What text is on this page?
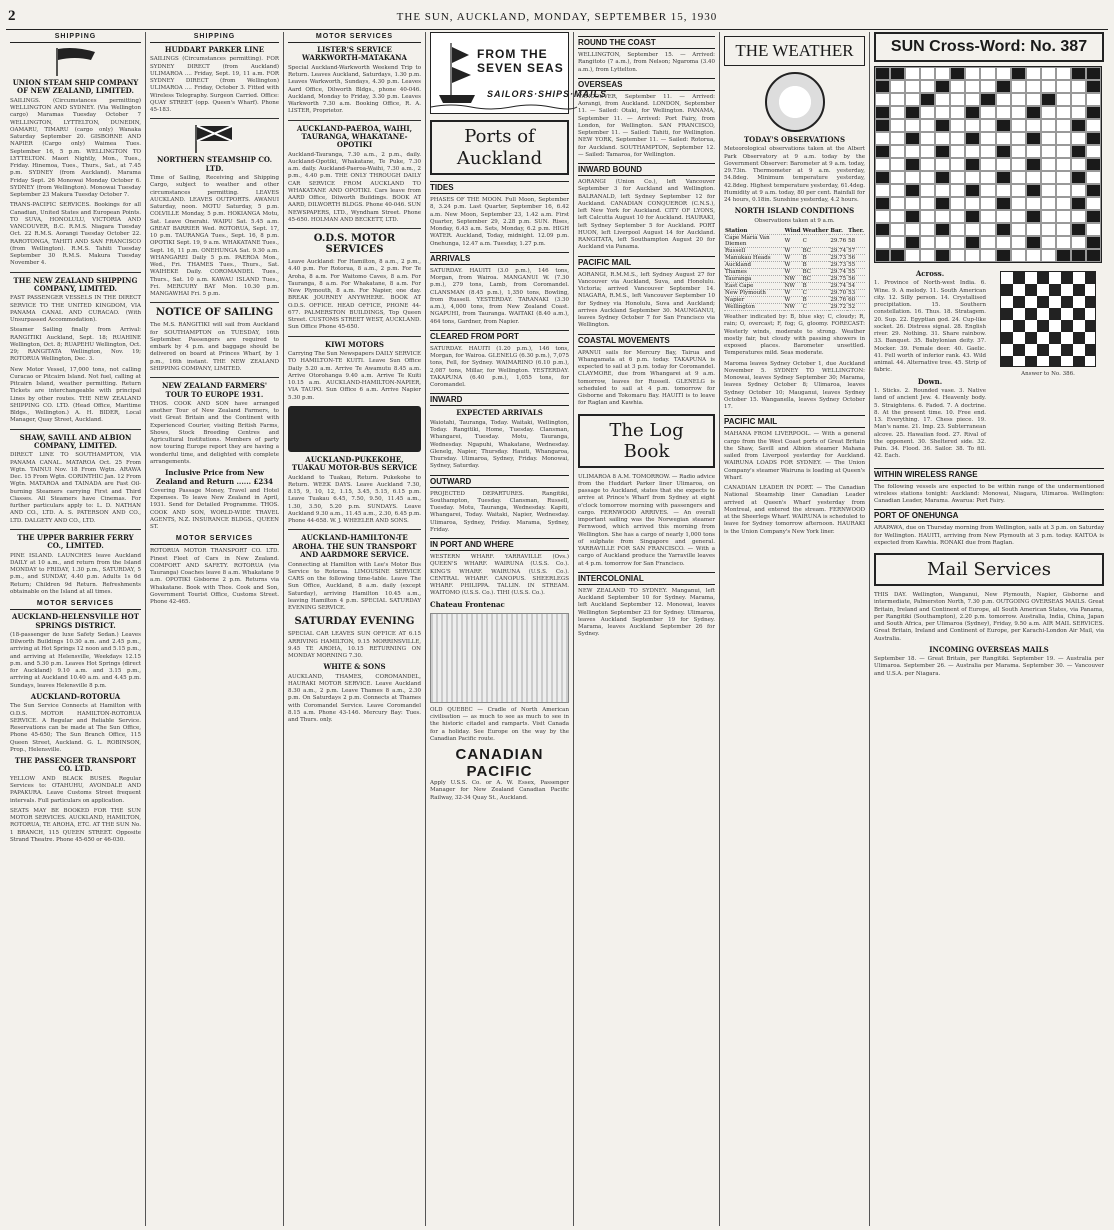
2	THE SUN, AUCKLAND, MONDAY, SEPTEMBER 15, 1930
SHIPPING
UNION STEAM SHIP COMPANY OF NEW ZEALAND, LIMITED.
SAILINGS. (Circumstances permitting) WELLINGTON AND SYDNEY. (Via Wellington cargo) Maramas Tuesday October 7 WELLINGTON, LYTTELTON, DUNEDIN, OAMARU, TIMARU (cargo only) Wanaka Saturday September 20. GISBORNE AND NAPIER (Cargo only) Waimea Tues. September 16, 5 p.m. WELLINGTON TO LYTTELTON. Maori Nightly, Mon., Tues., Friday. Hinemoa, Tues., Thurs., Sat., at 7.45 p.m. SYDNEY (from Auckland). Marama Friday Sept. 26 Monowai Monday October 6. SYDNEY (from Wellington). Monowai Tuesday September 23 Makura Tuesday October 7.
TRANS-PACIFIC SERVICES. Bookings for all Canadian, United States and European Points. TO SUVA, HONOLULU, VICTORIA AND VANCOUVER, B.C. R.M.S. Niagara Tuesday Oct. 22 R.M.S. Aorangi Tuesday October 22. RAROTONGA, TAHITI AND SAN FRANCISCO (from Wellington). R.M.S. Tahiti Tuesday September 30 R.M.S. Makura Tuesday November 4.
THE NEW ZEALAND SHIPPING COMPANY, LIMITED.
FAST PASSENGER VESSELS IN THE DIRECT SERVICE TO THE UNITED KINGDOM, VIA PANAMA CANAL AND CURACAO. (With Unsurpassed Accommodation).
Steamer Sailing finally from Arrival: RANGITIKI Auckland, Sept. 18; RUAHINE Wellington, Oct. 8; RUAPEHU Wellington, Oct. 29; RANGITATA Wellington, Nov. 19; ROTORUA Wellington, Dec. 3.
New Motor Vessel, 17,000 tons, not calling Curacao or Pitcairn Island. Not fuel, calling at Pitcairn Island, weather permitting. Return Tickets are interchangeable with principal Lines by other routes. THE NEW ZEALAND SHIPPING CO. LTD. (Head Office, Maritime Bldgs., Wellington.) A. H. BIDER, Local Manager, Quay Street, Auckland.
SHAW, SAVILL AND ALBION COMPANY, LIMITED.
DIRECT LINE TO SOUTHAMPTON, VIA PANAMA CANAL. MATAROA Oct. 25 From Wgtn. TAINUI Nov. 18 From Wgtn. ARAWA Dec. 15 From Wgtn. CORINTHIC Jan. 12 From Wgtn. MATAROA and TAINADA are Fast Oil-burning Steamers carrying First and Third Classes. All Steamers have Cinemas. For further particulars apply to: L. D. NATHAN AND CO., LTD. A. S. PATERSON AND CO., LTD. DALGETY AND CO., LTD.
THE UPPER BARRIER FERRY CO., LIMITED.
PINE ISLAND. LAUNCHES leave Auckland DAILY at 10 a.m., and return from the Island MONDAY to FRIDAY, 1.30 p.m., SATURDAY, 5 p.m., and SUNDAY, 4.40 p.m. Adults 1s 6d Return; Children 9d Return. Refreshments obtainable on the Island at all times.
MOTOR SERVICES
AUCKLAND-HELENSVILLE HOT SPRINGS DISTRICT.
(18-passenger de luxe Safety Sedan.) Leaves Dilworth Buildings 10.30 a.m. and 2.45 p.m., arriving at Hot Springs 12 noon and 5.15 p.m., and arriving at Helensville, Weekdays 12.15 p.m. and 5.30 p.m. Leaves Hot Springs (direct for Auckland) 9.10 a.m. and 3.15 p.m., arriving at Auckland 10.40 a.m. and 4.45 p.m. Sundays, leaves Helensville 8 p.m.
AUCKLAND-ROTORUA
The Sun Service Connects at Hamilton with O.D.S. MOTOR HAMILTON-ROTORUA SERVICE. A Regular and Reliable Service. Reservations can be made at The Sun Office, Phone 45-650; The Sun Branch Office, 115 Queen Street, Auckland. G. L. ROBINSON, Prop., Helensville.
THE PASSENGER TRANSPORT CO. LTD.
YELLOW AND BLACK BUSES. Regular Services to: OTAHUHU, AVONDALE AND PAPAKURA. Leave Customs Street frequent intervals. Full particulars on application.
SEATS MAY BE BOOKED FOR THE SUN MOTOR SERVICES. AUCKLAND, HAMILTON, ROTORUA, TE AROHA, ETC. AT THE SUN No. 1 BRANCH, 115 QUEEN STREET. Opposite Strand Theatre. Phone 45-650 or 46-030.
SHIPPING
HUDDART PARKER LINE
SAILINGS (Circumstances permitting). FOR SYDNEY DIRECT (from Auckland) ULIMAROA .... Friday, Sept. 19, 11 a.m. FOR SYDNEY DIRECT (from Wellington) ULIMAROA .... Friday, October 3. Fitted with Wireless Telegraphy. Surgeon Carried. Office: QUAY STREET (opp. Queen's Wharf). Phone 45-183.
NORTHERN STEAMSHIP CO. LTD.
Time of Sailing, Receiving and Shipping Cargo, subject to weather and other circumstances permitting. LEAVES AUCKLAND. LEAVES OUTPORTS. AWANUI Saturday, noon. MOTU Saturday, 5 p.m. COLVILLE Monday, 5 p.m. HOKIANGA Motu, Sat. Leave Onerahi. WAIPU Sat. 5.45 a.m. GREAT BARRIER Wed. ROTORUA, Sept. 17, 10 p.m. TAURANGA Tues., Sept. 16, 8 p.m. OPOTIKI Sept. 19, 9 a.m. WHAKATANE Tues., Sept. 16, 11 p.m. ONEHUNGA Sat. 9.30 a.m. WHANGAREI Daily 5 p.m. PAEROA Mon., Wed., Fri. THAMES Tues., Thurs., Sat. WAIHEKE Daily. COROMANDEL Tues., Thurs., Sat. 10 a.m. KAWAU ISLAND Tues., Fri. MERCURY BAY Mon. 10.30 p.m. MANGAWHAI Fri. 5 p.m.
NOTICE OF SAILING
The M.S. RANGITIKI will sail from Auckland for SOUTHAMPTON on TUESDAY, 16th September. Passengers are required to embark by 4 p.m. and baggage should be delivered on board at Princes Wharf, by 1 p.m., 16th instant. THE NEW ZEALAND SHIPPING COMPANY, LIMITED.
NEW ZEALAND FARMERS' TOUR TO EUROPE 1931.
THOS. COOK AND SON have arranged another Tour of New Zealand Farmers, to visit Great Britain and the Continent with Experienced Courier, visiting British Farms, Shows, Stock Breeding Centres and Agricultural Institutions. Members of party now touring Europe report they are having a wonderful time, and delighted with complete arrangements.
Inclusive Price from New Zealand and Return ...... £234
Covering Passage Money, Travel and Hotel Expenses. To leave New Zealand in April, 1931. Send for Detailed Programme. THOS. COOK AND SON, WORLD-WIDE TRAVEL AGENTS, N.Z. INSURANCE BLDGS., QUEEN ST.
MOTOR SERVICES
ROTORUA MOTOR TRANSPORT CO. LTD. Finest Fleet of Cars in New Zealand. COMFORT AND SAFETY. ROTORUA (via Tauranga) Coaches leave 8 a.m. Whakatane 9 a.m. OPOTIKI Gisborne 2 p.m. Returns via Whakatane. Book with Thos. Cook and Son, Government Tourist Office, Customs Street. Phone 42-465.
MOTOR SERVICES
LISTER'S SERVICE WARKWORTH-MATAKANA
Special Auckland-Warkworth Weekend Trip to Return. Leaves Auckland, Saturdays, 1.30 p.m. Leaves Warkworth, Sundays, 4.30 p.m. Leaves Aard Office, Dilworth Bldgs., phone 40-046. Auckland, Monday to Friday, 3.30 p.m. Leaves Warkworth 7.30 a.m. Booking Office, R. A. LISTER, Proprietor.
AUCKLAND-PAEROA, WAIHI, TAURANGA, WHAKATANE-OPOTIKI
Auckland-Tauranga, 7.30 a.m., 2 p.m., daily. Auckland-Opotiki, Whakatane, Te Puke, 7.30 a.m. daily. Auckland-Paeroa-Waihi, 7.30 a.m., 2 p.m., 4.40 p.m. THE ONLY THROUGH DAILY CAR SERVICE FROM AUCKLAND TO WHAKATANE AND OPOTIKI. Cars leave from AARD Office, Dilworth Buildings. BOOK AT AARD, DILWORTH BLDGS. Phone 40-046. SUN NEWSPAPERS, LTD., Wyndham Street. Phone 45-650. HOLMAN AND BECKETT, LTD.
O.D.S. MOTOR SERVICES
Leave Auckland: For Hamilton, 8 a.m., 2 p.m., 4.40 p.m. For Rotorua, 8 a.m., 2 p.m. For Te Aroha, 8 a.m. For Waitomo Caves, 8 a.m. For Tauranga, 8 a.m. For Whakatane, 8 a.m. For New Plymouth, 8 a.m. For Napier, one day. BREAK JOURNEY ANYWHERE. BOOK AT O.D.S. OFFICE. HEAD OFFICE, PHONE 44-677. PALMERSTON BUILDINGS, Top Queen Street. CUSTOMS STREET WEST, AUCKLAND. Sun Office Phone 45-650.
KIWI MOTORS
Carrying The Sun Newspapers DAILY SERVICE TO HAMILTON-TE KUITI. Leave Sun Office Daily 5.20 a.m. Arrive Te Awamutu 8.45 a.m. Arrive Otorohanga 9.40 a.m. Arrive Te Kuiti 10.15 a.m. AUCKLAND-HAMILTON-NAPIER, VIA TAUPO. Sun Office 6 a.m. Arrive Napier 5.30 p.m.
AUCKLAND-PUKEKOHE, TUAKAU MOTOR-BUS SERVICE
Auckland to Tuakau, Return. Pukekohe to Return. WEEK DAYS. Leave Auckland 7.30, 8.15, 9, 10, 12, 1.15, 3.45, 5.15, 6.15 p.m. Leave Tuakau 6.45, 7.50, 9.50, 11.45 a.m., 1.30, 3.50, 5.20 p.m. SUNDAYS. Leave Auckland 9.30 a.m., 11.45 a.m., 2.30, 6.45 p.m. Phone 44-658. W. J. WHEELER AND SONS.
AUCKLAND-HAMILTON-TE AROHA. THE SUN TRANSPORT AND AARDMORE SERVICE.
Connecting at Hamilton with Lee's Motor Bus Service to Rotorua. LIMOUSINE SERVICE CARS on the following time-table. Leave The Sun Office, Auckland, 8 a.m. daily (except Saturday), arriving Hamilton 10.45 a.m., leaving Hamilton 4 p.m. SPECIAL SATURDAY EVENING SERVICE.
SATURDAY EVENING
SPECIAL CAR LEAVES SUN OFFICE AT 6.15 ARRIVING HAMILTON, 9.15 MORRINSVILLE, 9.45 TE AROHA, 10.15 RETURNING ON MONDAY MORNING 7.30.
WHITE & SONS
AUCKLAND, THAMES, COROMANDEL, HAURAKI MOTOR SERVICE. Leave Auckland 8.30 a.m., 2 p.m. Leave Thames 8 a.m., 2.30 p.m. On Saturdays 2 p.m. Connects at Thames with Coromandel Service. Leave Coromandel 8.15 a.m. Phone 43-146. Mercury Bay: Tues. and Thurs. only.
FROM THE SEVEN SEAS
SAILORS·SHIPS·MAILS
Ports of Auckland
TIDES
PHASES OF THE MOON. Full Moon, September 8, 3.24 p.m. Last Quarter, September 16, 6.42 a.m. New Moon, September 23, 1.42 a.m. First Quarter, September 29, 2.28 p.m. SUN. Rises, Monday, 6.43 a.m. Sets, Monday, 6.2 p.m. HIGH WATER. Auckland, Today, midnight. 12.09 p.m. Onehunga, 12.47 a.m. Tuesday, 1.27 p.m.
ARRIVALS
SATURDAY. HAUITI (3.0 p.m.), 146 tons, Morgan, from Wairoa. MANGANUI W. (7.30 p.m.), 279 tons, Lamb, from Coromandel. CLANSMAN (8.45 p.m.), 1,350 tons, Bowling, from Russell. YESTERDAY. TARANAKI (3.30 a.m.), 4,000 tons, from New Zealand Coast. NGAPUHI, from Tauranga. WAITAKI (8.40 a.m.), 464 tons, Gardner, from Napier.
CLEARED FROM PORT
SATURDAY. HAUITI (1.20 p.m.), 146 tons, Morgan, for Wairoa. GLENELG (6.30 p.m.), 7,075 tons, Fell, for Sydney. WAIMARINO (6.10 p.m.), 2,087 tons, Millar, for Wellington. YESTERDAY. TAKAPUNA (6.40 p.m.), 1,055 tons, for Coromandel.
INWARD
EXPECTED ARRIVALS
Waiotahi, Tauranga, Today. Waitaki, Wellington, Today. Rangitiki, Home, Tuesday. Clansman, Whangarei, Tuesday. Motu, Tauranga, Wednesday. Ngapuhi, Whakatane, Wednesday. Glenelg, Napier, Thursday. Hauiti, Whangaroa, Thursday. Ulimaroa, Sydney, Friday. Monowai, Sydney, Saturday.
OUTWARD
PROJECTED DEPARTURES. Rangitiki, Southampton, Tuesday. Clansman, Russell, Tuesday. Motu, Tauranga, Wednesday. Kapiti, Whangarei, Today. Waitaki, Napier, Wednesday. Ulimaroa, Sydney, Friday. Marama, Sydney, Friday.
IN PORT AND WHERE
WESTERN WHARF. YARRAVILLE (Ovs.) QUEEN'S WHARF. WAIRUNA (U.S.S. Co.). KING'S WHARF. WAIRUNA (U.S.S. Co.). CENTRAL WHARF. CANOPUS. SHEERLEGS WHARF. PHILIPPA. TALLIN. IN STREAM. WAITOMO (U.S.S. Co.). TIHI (U.S.S. Co.).
Chateau Frontenac
OLD QUEBEC — Cradle of North American civilisation — as much to see as much to see in the historic citadel and ramparts. Visit Canada for a holiday. See Europe on the way by the Canadian Pacific route.
CANADIAN PACIFIC
Apply U.S.S. Co. or A. W. Essex, Passenger Manager for New Zealand Canadian Pacific Railway, 32-34 Quay St., Auckland.
ROUND THE COAST
WELLINGTON, September 15. — Arrived: Rangitoto (7 a.m.), from Nelson; Ngaroma (3.40 a.m.), from Lyttelton.
OVERSEAS
VANCOUVER, September 11. — Arrived: Aorangi, from Auckland. LONDON, September 11. — Sailed: Otaki, for Wellington. PANAMA, September 11. — Arrived: Port Fairy, from London, for Wellington. SAN FRANCISCO, September 11. — Sailed: Tahiti, for Wellington. NEW YORK, September 11. — Sailed: Rotorua, for Auckland. SOUTHAMPTON, September 12. — Sailed: Tamaroa, for Wellington.
INWARD BOUND
AORANGI (Union Co.), left Vancouver September 3 for Auckland and Wellington. BALRANALD, left Sydney September 12 for Auckland. CANADIAN CONQUEROR (C.N.S.), left New York for Auckland. CITY OF LYONS, left Calcutta August 10 for Auckland. HAURAKI, left Sydney September 5 for Auckland. PORT HUON, left Liverpool August 14 for Auckland. RANGITATA, left Southampton August 20 for Auckland via Panama.
PACIFIC MAIL
AORANGI, R.M.M.S., left Sydney August 27 for Vancouver via Auckland, Suva, and Honolulu. Victoria; arrived Vancouver September 14. NIAGARA, R.M.S., left Vancouver September 10 for Sydney via Honolulu, Suva and Auckland; arrives Auckland September 30. MAUNGANUI, leaves Sydney October 7 for San Francisco via Wellington.
COASTAL MOVEMENTS
APANUI sails for Mercury Bay, Tairua and Whangamata at 6 p.m. today. TAKAPUNA is expected to sail at 3 p.m. today for Coromandel. CLAYMORE, due from Whangarei at 9 a.m. tomorrow, leaves for Russell. GLENELG is scheduled to sail at 4 p.m. tomorrow for Gisborne and Tokomaru Bay. HAUITI is to leave for Raglan and Kawhia.
The Log Book
ULIMAROA 8 A.M. TOMORROW. — Radio advice from the Huddart Parker liner Ulimaroa, on passage to Auckland, states that she expects to arrive at Prince's Wharf from Sydney at eight o'clock tomorrow morning with passengers and cargo. FERNWOOD ARRIVES. — An overall important sailing was the Norwegian steamer Fernwood, which arrived this morning from Wellington. She has a cargo of nearly 1,000 tons of sulphate from Singapore and general. YARRAVILLE FOR SAN FRANCISCO. — With a cargo of Auckland produce the Yarraville leaves at 4 p.m. tomorrow for San Francisco.
INTERCOLONIAL
NEW ZEALAND TO SYDNEY. Manganui, left Auckland September 10 for Sydney. Marama, left Auckland September 12. Monowai, leaves Wellington September 23 for Sydney. Ulimaroa, leaves Auckland September 19 for Sydney. Marama, leaves Auckland September 26 for Sydney.
THE WEATHER
TODAY'S OBSERVATIONS
Meteorological observations taken at the Albert Park Observatory at 9 a.m. today by the Government Observer: Barometer at 9 a.m. today, 29.73in. Thermometer at 9 a.m. yesterday, 54.8deg. Minimum temperature yesterday, 42.8deg. Highest temperature yesterday, 61.4deg. Humidity at 9 a.m. today, 80 per cent. Rainfall for 24 hours, 0.18in. Sunshine yesterday, 4.2 hours.
NORTH ISLAND CONDITIONS
Observations taken at 9 a.m.
Station	Wind	Weather	Bar.	Ther.
Cape Maria Van Diemen	W	C	29.76	58
Russell	W	BC	29.74	57
Manukau Heads	W	B	29.73	56
Auckland	W	B	29.73	55
Thames	W	BC	29.74	55
Tauranga	NW	BC	29.75	56
East Cape	NW	B	29.74	54
New Plymouth	W	C	29.70	53
Napier	W	B	29.76	60
Wellington	NW	C	29.72	52
Weather indicated by: B, blue sky; C, cloudy; R, rain; O, overcast; F, fog; G, gloomy. FORECAST: Westerly winds, moderate to strong. Weather mostly fair, but cloudy with passing showers in exposed places. Barometer unsettled. Temperatures mild. Seas moderate.
Maroma leaves Sydney October 1, due Auckland November 5. SYDNEY TO WELLINGTON: Monowai, leaves Sydney September 30; Marama, leaves Sydney October 8; Ulimaroa, leaves Sydney October 10; Mauganui, leaves Sydney October 15. Wanganella, leaves Sydney October 17.
PACIFIC MAIL
MAHANA FROM LIVERPOOL. — With a general cargo from the West Coast ports of Great Britain the Shaw, Savill and Albion steamer Mahana sailed from Liverpool yesterday for Auckland. WAIRUNA LOADS FOR SYDNEY. — The Union Company's steamer Wairuna is loading at Queen's Wharf.
CANADIAN LEADER IN PORT. — The Canadian National Steamship liner Canadian Leader arrived at Queen's Wharf yesterday from Montreal, and entered the stream. FERNWOOD at the Sheerlegs Wharf. WAIRUNA is scheduled to leave for Sydney tomorrow afternoon. HAURAKI is the Union Company's New York liner.
SUN Cross-Word: No. 387
Across.
1. Province of North-west India. 6. Wine. 9. A melody. 11. South American city. 12. Silly person. 14. Crystallised precipitation. 15. Southern constellation. 16. Thus. 18. Stratagem. 20. Sup. 22. Egyptian god. 24. Cup-like socket. 26. Distress signal. 28. English river. 29. Nothing. 31. Share rainbow. 33. Banquet. 35. Babylonian deity. 37. Mocker. 39. Female deer. 40. Gaelic. 41. Fell worth of inferior rank. 43. Wild animal. 44. Alternative tree. 45. Strip of fabric.
Down.
1. Sticks. 2. Rounded vase. 3. Native land of ancient Jew. 4. Heavenly body. 5. Straightens. 6. Faded. 7. A doctrine. 8. At the present time. 10. Free end. 13. Everything. 17. Chess piece. 19. Man's name. 21. Imp. 23. Subterranean alcove. 25. Hawaiian food. 27. Rival of the opponent. 30. Sheltered side. 32. Pain. 34. Flood. 36. Sailor. 38. To fill. 42. Each.
Answer to No. 386.
WITHIN WIRELESS RANGE
The following vessels are expected to be within range of the undermentioned wireless stations tonight: Auckland: Monowai, Niagara, Ulimaroa. Wellington: Canadian Leader, Marama. Awarua: Port Fairy.
PORT OF ONEHUNGA
ARAPAWA, due on Thursday morning from Wellington, sails at 3 p.m. on Saturday for Wellington. HAUITI, arriving from New Plymouth at 3 p.m. today. KAITOA is expected from Kawhia. RONAKI due from Raglan.
Mail Services
THIS DAY. Wellington, Wanganui, New Plymouth, Napier, Gisborne and intermediate, Palmerston North, 7.30 p.m. OUTGOING OVERSEAS MAILS. Great Britain, Ireland and Continent of Europe, all South American States, via Panama, per Rangitiki (Southampton), 2.20 p.m. tomorrow. Australia, India, China, Japan and South Africa, per Ulimaroa (Sydney), Friday, 9.50 a.m. AIR MAIL SERVICES. Great Britain, Ireland and Continent of Europe, per Karachi-London Air Mail, via Australia.
INCOMING OVERSEAS MAILS
September 18. — Great Britain, per Rangitiki. September 19. — Australia per Ulimaroa. September 26. — Australia per Marama. September 30. — Vancouver and U.S.A. per Niagara.
